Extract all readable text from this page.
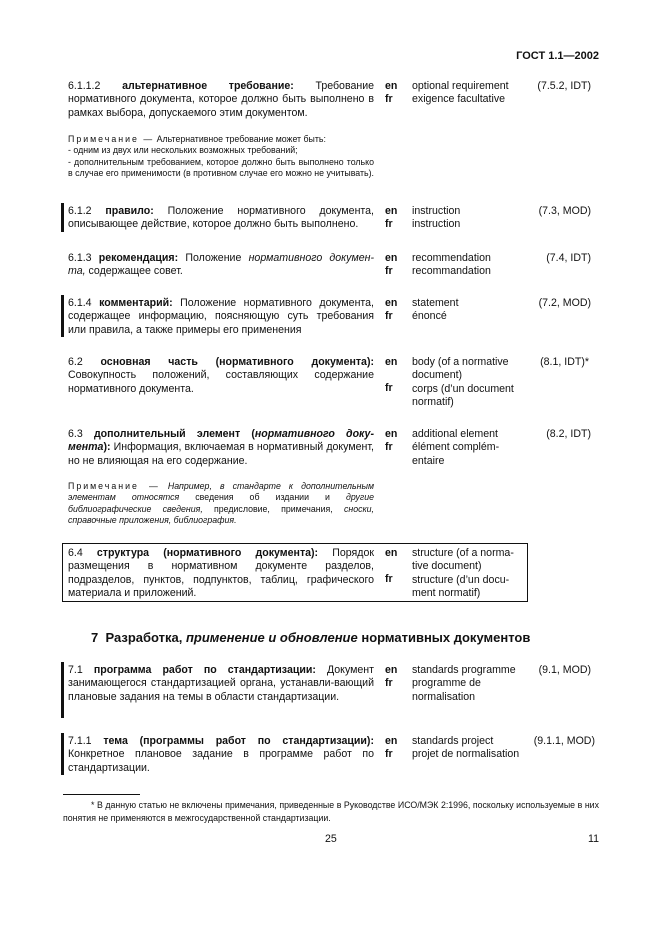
ГОСТ 1.1—2002
6.1.1.2 альтернативное требование: Требование нормативного документа, которое должно быть выполнено в рамках выбора, допускаемого этим документом.
en
fr
optional requirement
exigence facultative
(7.5.2, IDT)
Примечание — Альтернативное требование может быть:
- одним из двух или нескольких возможных требований;
- дополнительным требованием, которое должно быть выполнено только в случае его применимости (в противном случае его можно не учитывать).
6.1.2 правило: Положение нормативного документа, описывающее действие, которое должно быть выполнено.
en
fr
instruction
instruction
(7.3, MOD)
6.1.3 рекомендация: Положение нормативного докумен-та, содержащее совет.
en
fr
recommendation
recommandation
(7.4, IDT)
6.1.4 комментарий: Положение нормативного документа, содержащее информацию, поясняющую суть требования или правила, а также примеры его применения
en
fr
statement
énoncé
(7.2, MOD)
6.2 основная часть (нормативного документа): Совокупность положений, составляющих содержание нормативного документа.
en
fr
body (of a normative document)
corps (d’un document normatif)
(8.1, IDT)*
6.3 дополнительный элемент (нормативного доку-мента): Информация, включаемая в нормативный документ, но не влияющая на его содержание.
en
fr
additional element
élément complém-entaire
(8.2, IDT)
Примечание — Например, в стандарте к дополнительным элементам относятся сведения об издании и другие библиографические сведения, предисловие, примечания, сноски, справочные приложения, библиография.
6.4 структура (нормативного документа): Порядок размещения в нормативном документе разделов, подразделов, пунктов, подпунктов, таблиц, графического материала и приложений.
en
fr
structure (of a norma-tive document)
structure (d’un docu-ment normatif)
7 Разработка, применение и обновление нормативных документов
7.1 программа работ по стандартизации: Документ занимающегося стандартизацией органа, устанавли-вающий плановые задания на темы в области стандартизации.
en
fr
standards programme
programme de normalisation
(9.1, MOD)
7.1.1 тема (программы работ по стандартизации): Конкретное плановое задание в программе работ по стандартизации.
en
fr
standards project
projet de normalisation
(9.1.1, MOD)
* В данную статью не включены примечания, приведенные в Руководстве ИСО/МЭК 2:1996, поскольку используемые в них понятия не применяются в межгосударственной стандартизации.
25	11
